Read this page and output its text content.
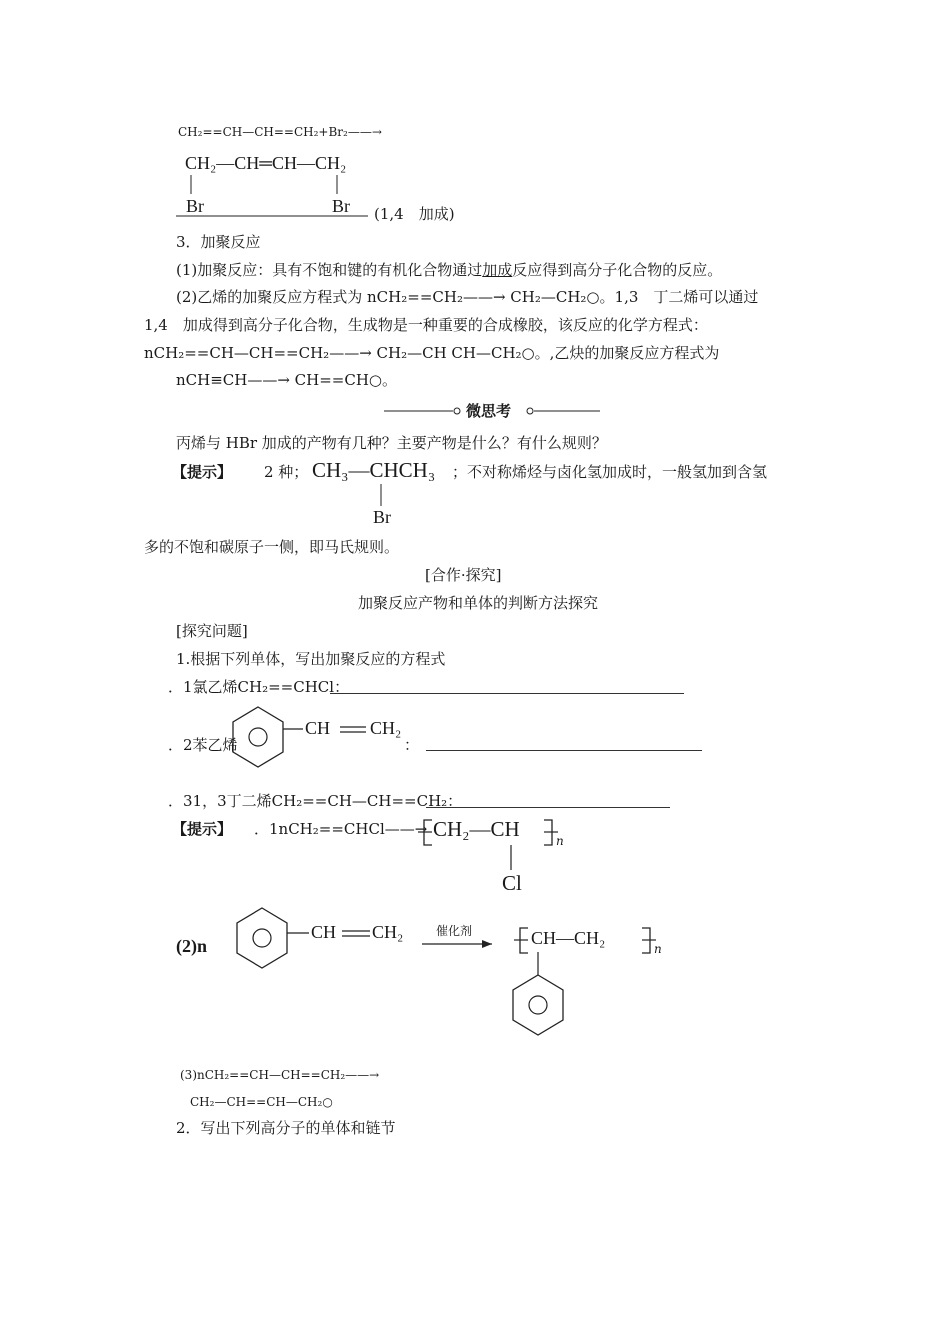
CH₂==CH—CH==CH₂+Br₂——→
CH₂—CH═CH—CH₂
Br	Br (1,4　加成)
3．加聚反应
(1)加聚反应：具有不饱和键的有机化合物通过加成反应得到高分子化合物的反应。
(2)乙烯的加聚反应方程式为 nCH₂==CH₂——→ CH₂—CH₂○。1,3　丁二烯可以通过
1,4　加成得到高分子化合物，生成物是一种重要的合成橡胶，该反应的化学方程式：
nCH₂==CH—CH==CH₂——→ CH₂—CH CH—CH₂○。,乙炔的加聚反应方程式为
nCH≡CH——→ CH==CH○。
微思考
丙烯与 HBr 加成的产物有几种？主要产物是什么？有什么规则？
【提示】 2 种； CH₃—CHCH₃
Br
；不对称烯烃与卤化氢加成时，一般氢加到含氢
多的不饱和碳原子一侧，即马氏规则。
[合作·探究]
加聚反应产物和单体的判断方法探究
[探究问题]
1.根据下列单体，写出加聚反应的方程式
．1氯乙烯CH₂==CHCl：
．2苯乙烯
CH CH₂
：
．31，3丁二烯CH₂==CH—CH==CH₂：
【提示】 ．1nCH₂==CHCl——→ CH₂—CH	n
Cl
(2)n
CH CH₂	催化剂	CH—CH₂
n
(3)nCH₂==CH—CH==CH₂——→
CH₂—CH==CH—CH₂○
2．写出下列高分子的单体和链节
